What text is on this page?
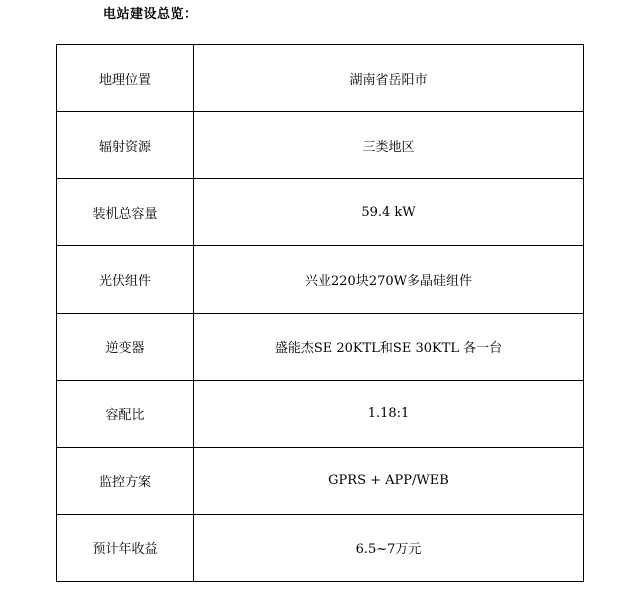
电站建设总览：
地理位置	湖南省岳阳市
辐射资源	三类地区
装机总容量	59.4 kW
光伏组件	兴业220块270W多晶硅组件
逆变器	盛能杰SE 20KTL和SE 30KTL 各一台
容配比	1.18:1
监控方案	GPRS + APP/WEB
预计年收益	6.5~7万元
